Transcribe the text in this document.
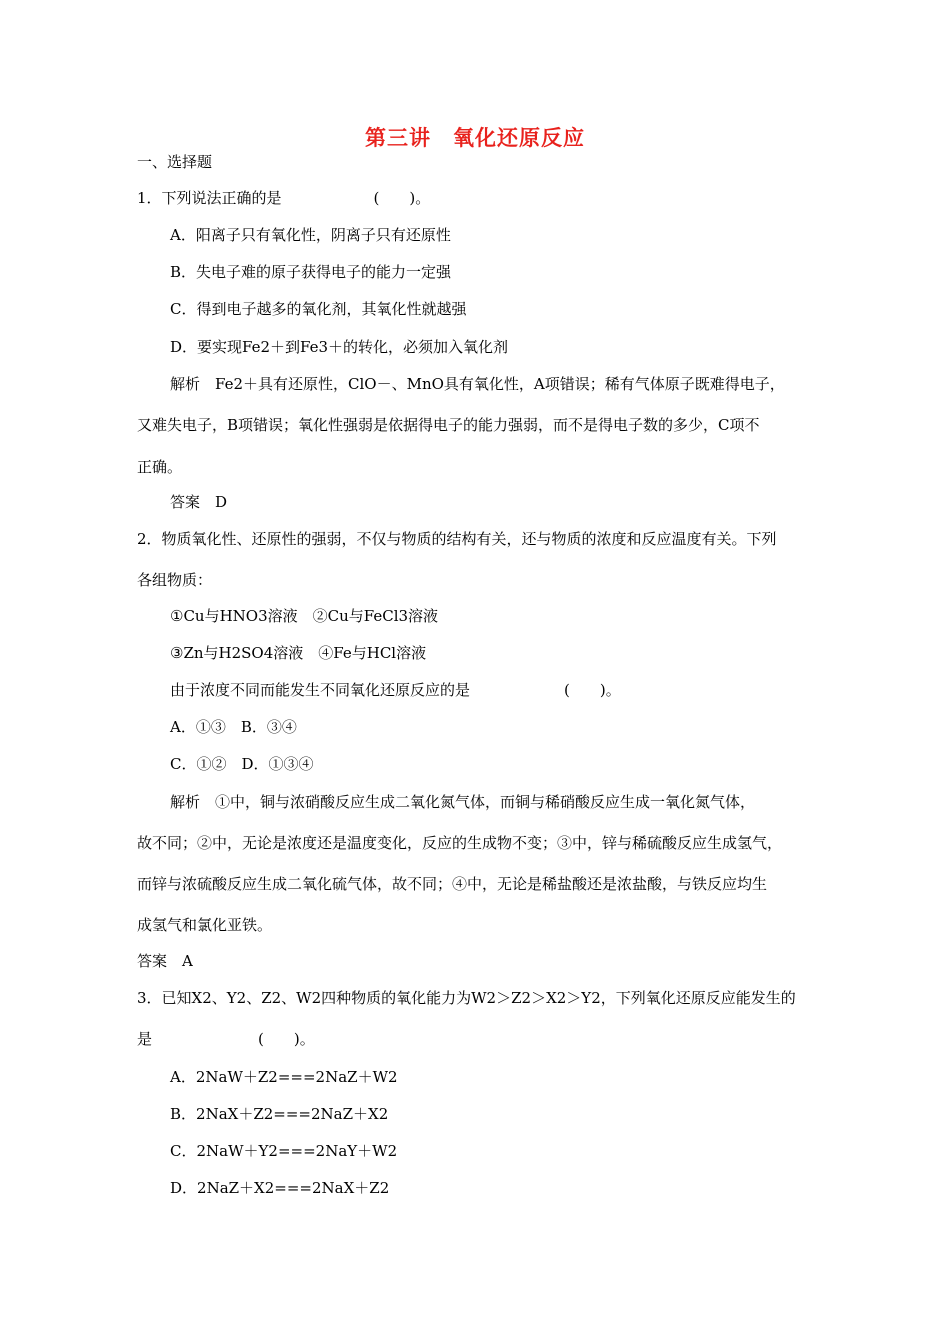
第三讲　氧化还原反应
一、选择题
1．下列说法正确的是	(　　)。
A．阳离子只有氧化性，阴离子只有还原性
B．失电子难的原子获得电子的能力一定强
C．得到电子越多的氧化剂，其氧化性就越强
D．要实现Fe2＋到Fe3＋的转化，必须加入氧化剂
解析　Fe2＋具有还原性，ClO－、MnO具有氧化性，A项错误；稀有气体原子既难得电子，
又难失电子，B项错误；氧化性强弱是依据得电子的能力强弱，而不是得电子数的多少，C项不
正确。
答案　D
2．物质氧化性、还原性的强弱，不仅与物质的结构有关，还与物质的浓度和反应温度有关。下列
各组物质：
①Cu与HNO3溶液　②Cu与FeCl3溶液
③Zn与H2SO4溶液　④Fe与HCl溶液
由于浓度不同而能发生不同氧化还原反应的是	(　　)。
A．①③　B．③④
C．①②　D．①③④
解析　①中，铜与浓硝酸反应生成二氧化氮气体，而铜与稀硝酸反应生成一氧化氮气体，
故不同；②中，无论是浓度还是温度变化，反应的生成物不变；③中，锌与稀硫酸反应生成氢气，
而锌与浓硫酸反应生成二氧化硫气体，故不同；④中，无论是稀盐酸还是浓盐酸，与铁反应均生
成氢气和氯化亚铁。
答案　A
3．已知X2、Y2、Z2、W2四种物质的氧化能力为W2＞Z2＞X2＞Y2，下列氧化还原反应能发生的
是	(　　)。
A．2NaW＋Z2===2NaZ＋W2
B．2NaX＋Z2===2NaZ＋X2
C．2NaW＋Y2===2NaY＋W2
D．2NaZ＋X2===2NaX＋Z2
